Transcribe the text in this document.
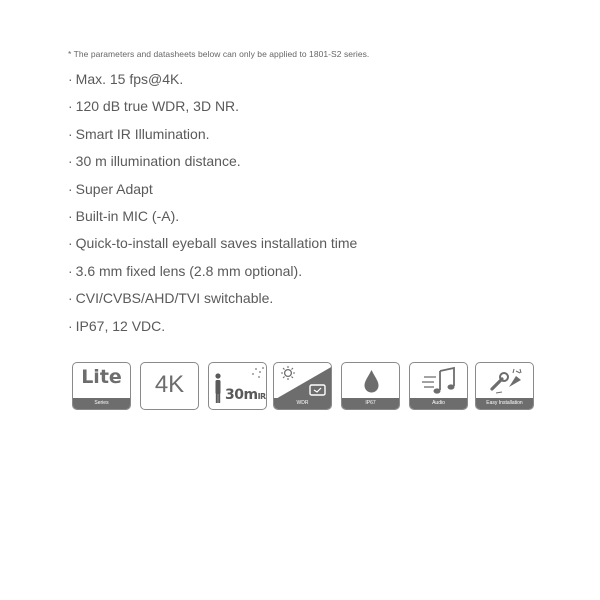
* The parameters and datasheets below can only be applied to 1801-S2 series.
· Max. 15 fps@4K.
· 120 dB true WDR, 3D NR.
· Smart IR Illumination.
· 30 m illumination distance.
· Super Adapt
· Built-in MIC (-A).
· Quick-to-install eyeball saves installation time
· 3.6 mm fixed lens (2.8 mm optional).
· CVI/CVBS/AHD/TVI switchable.
· IP67, 12 VDC.
Lite
Series
4K	30mIR
WDR	IP67	Audio	Easy Installation
